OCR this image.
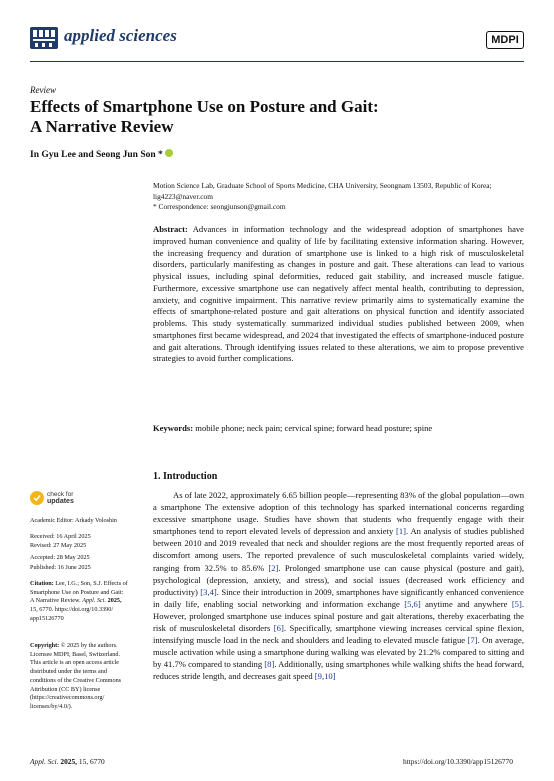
applied sciences	MDPI
Review
Effects of Smartphone Use on Posture and Gait:
A Narrative Review
In Gyu Lee and Seong Jun Son *
Motion Science Lab, Graduate School of Sports Medicine, CHA University, Seongnam 13503, Republic of Korea;
lig4223@naver.com
* Correspondence: seongjunson@gmail.com

Abstract: Advances in information technology and the widespread adoption of smartphones have improved human convenience and quality of life by facilitating extensive information sharing. However, the increasing frequency and duration of smartphone use is linked to a high risk of musculoskeletal disorders, particularly manifesting as changes in posture and gait. These alterations can lead to various physical issues, including spinal deformities, reduced gait stability, and increased muscle fatigue. Furthermore, excessive smartphone use can negatively affect mental health, contributing to depression, anxiety, and cognitive impairment. This narrative review primarily aims to systematically examine the effects of smartphone-related posture and gait alterations on physical function and identify associated problems. This study systematically summarized individual studies published between 2009, when smartphones first became widespread, and 2024 that investigated the effects of smartphone-induced posture and gait alterations. Through identifying issues related to these alterations, we aim to propose preventive strategies to avoid further complications.

Keywords: mobile phone; neck pain; cervical spine; forward head posture; spine
1. Introduction

As of late 2022, approximately 6.65 billion people—representing 83% of the global population—own a smartphone The extensive adoption of this technology has sparked international concerns regarding excessive smartphone usage. Studies have shown that students who frequently engage with their smartphones tend to report elevated levels of depression and anxiety [1]. An analysis of studies published between 2010 and 2019 revealed that neck and shoulder regions are the most frequently reported areas of discomfort among users. The reported prevalence of such musculoskeletal complaints varied widely, ranging from 32.5% to 85.6% [2]. Prolonged smartphone use can cause physical (posture and gait), psychological (depression, anxiety, and stress), and social issues (decreased work efficiency and productivity) [3,4]. Since their introduction in 2009, smartphones have significantly enhanced convenience in daily life, enabling social networking and information exchange [5,6] anytime and anywhere [5]. However, prolonged smartphone use induces spinal posture and gait alterations, thereby exacerbating the risk of musculoskeletal disorders [6]. Specifically, smartphone viewing increases cervical spine flexion, intensifying muscle load in the neck and shoulders and leading to elevated muscle fatigue [7]. On average, muscle activation while using a smartphone during walking was elevated by 21.2% compared to sitting and by 41.7% compared to standing [8]. Additionally, using smartphones while walking shifts the head forward, reduces stride length, and decreases gait speed [9,10]

check for
updates
Academic Editor: Arkady Voloshin
Received: 16 April 2025
Revised: 27 May 2025
Accepted: 28 May 2025
Published: 16 June 2025
Citation: Lee, I.G.; Son, S.J. Effects of
Smartphone Use on Posture and Gait:
A Narrative Review. Appl. Sci. 2025,
15, 6770. https://doi.org/10.3390/
app15126770
Copyright: © 2025 by the authors.
Licensee MDPI, Basel, Switzerland.
This article is an open access article
distributed under the terms and
conditions of the Creative Commons
Attribution (CC BY) license
(https://creativecommons.org/
licenses/by/4.0/).
Appl. Sci. 2025, 15, 6770	https://doi.org/10.3390/app15126770
